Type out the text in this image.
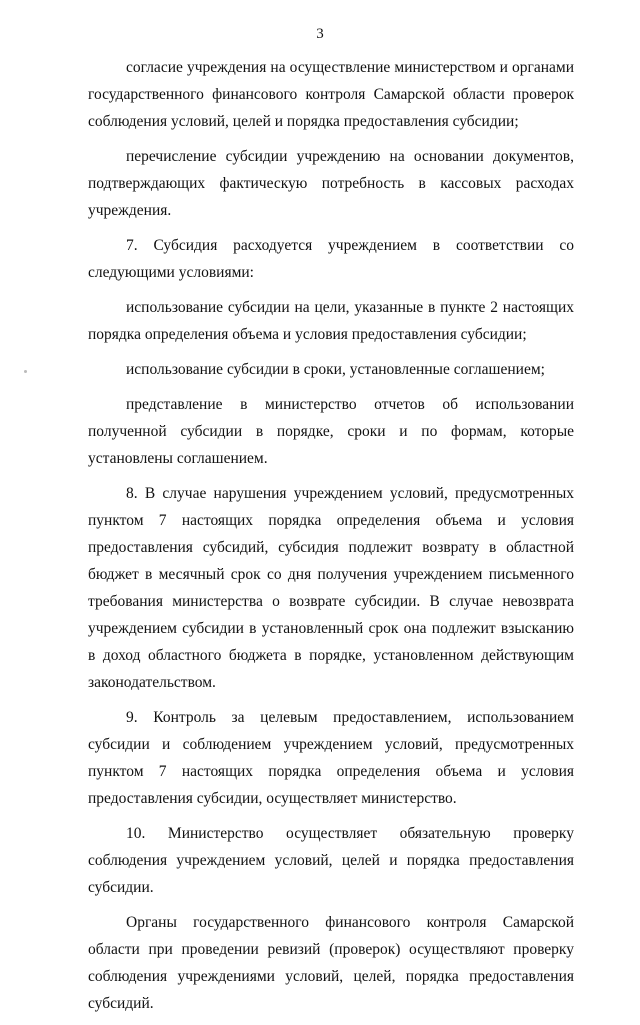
3

согласие учреждения на осуществление министерством и органами государственного финансового контроля Самарской области проверок соблюдения условий, целей и порядка предоставления субсидии;

перечисление субсидии учреждению на основании документов, подтверждающих фактическую потребность в кассовых расходах учреждения.

7. Субсидия расходуется учреждением в соответствии со следующими условиями:

использование субсидии на цели, указанные в пункте 2 настоящих порядка определения объема и условия предоставления субсидии;

использование субсидии в сроки, установленные соглашением;

представление в министерство отчетов об использовании полученной субсидии в порядке, сроки и по формам, которые установлены соглашением.

8. В случае нарушения учреждением условий, предусмотренных пунктом 7 настоящих порядка определения объема и условия предоставления субсидий, субсидия подлежит возврату в областной бюджет в месячный срок со дня получения учреждением письменного требования министерства о возврате субсидии. В случае невозврата учреждением субсидии в установленный срок она подлежит взысканию в доход областного бюджета в порядке, установленном действующим законодательством.

9. Контроль за целевым предоставлением, использованием субсидии и соблюдением учреждением условий, предусмотренных пунктом 7 настоящих порядка определения объема и условия предоставления субсидии, осуществляет министерство.

10. Министерство осуществляет обязательную проверку соблюдения учреждением условий, целей и порядка предоставления субсидии.

Органы государственного финансового контроля Самарской области при проведении ревизий (проверок) осуществляют проверку соблюдения учреждениями условий, целей, порядка предоставления субсидий.
